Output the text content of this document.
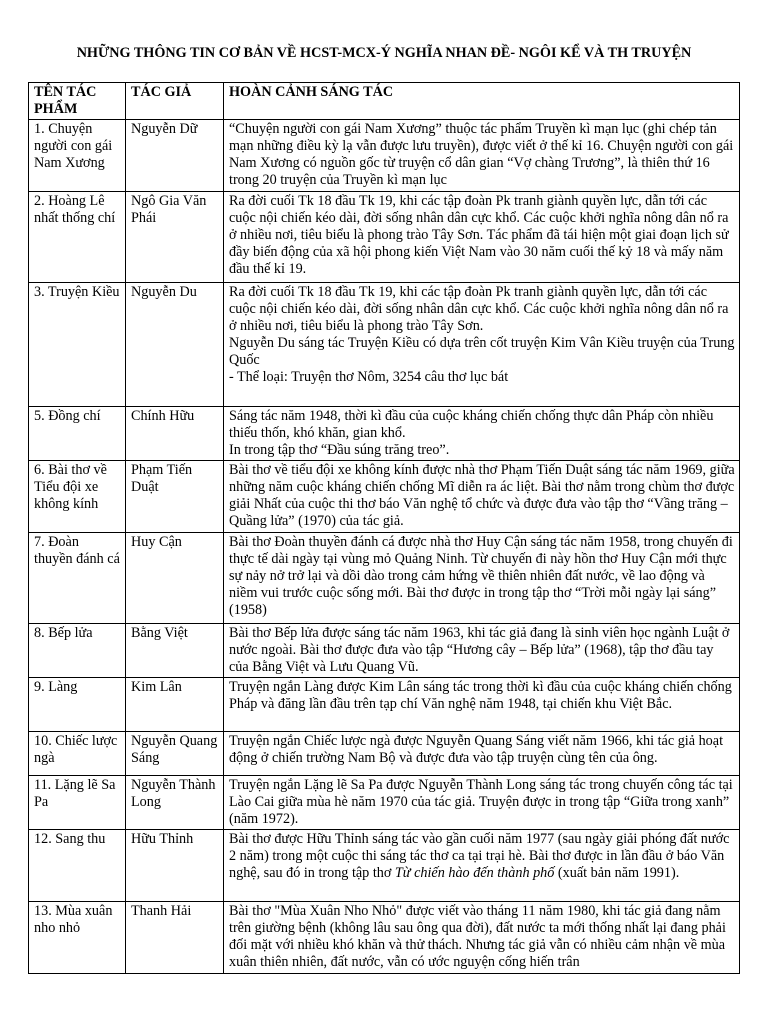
NHỮNG THÔNG TIN CƠ BẢN VỀ HCST-MCX-Ý NGHĨA NHAN ĐỀ- NGÔI KỂ VÀ TH TRUYỆN
TÊN TÁC PHẨM	TÁC GIẢ	HOÀN CẢNH SÁNG TÁC
1. Chuyện người con gái Nam Xương	Nguyễn Dữ	“Chuyện người con gái Nam Xương” thuộc tác phẩm Truyền kì mạn lục (ghi chép tản mạn những điều kỳ lạ vẫn được lưu truyền), được viết ở thế kỉ 16. Chuyện người con gái Nam Xương có nguồn gốc từ truyện cổ dân gian “Vợ chàng Trương”, là thiên thứ 16 trong 20 truyện của Truyền kì mạn lục

2. Hoàng Lê nhất thống chí	Ngô Gia Văn Phái	Ra đời cuối Tk 18 đầu Tk 19, khi các tập đoàn Pk tranh giành quyền lực, dẫn tới các cuộc nội chiến kéo dài, đời sống nhân dân cực khổ. Các cuộc khởi nghĩa nông dân nổ ra ở nhiều nơi, tiêu biểu là phong trào Tây Sơn. Tác phẩm đã tái hiện một giai đoạn lịch sử đầy biến động của xã hội phong kiến Việt Nam vào 30 năm cuối thế kỷ 18 và mấy năm đầu thế kỉ 19.

3. Truyện Kiều	Nguyễn Du	Ra đời cuối Tk 18 đầu Tk 19, khi các tập đoàn Pk tranh giành quyền lực, dẫn tới các cuộc nội chiến kéo dài, đời sống nhân dân cực khổ. Các cuộc khởi nghĩa nông dân nổ ra ở nhiều nơi, tiêu biểu là phong trào Tây Sơn.
Nguyễn Du sáng tác Truyện Kiều có dựa trên cốt truyện Kim Vân Kiều truyện của Trung Quốc
- Thể loại: Truyện thơ Nôm, 3254 câu thơ lục bát

5. Đồng chí	Chính Hữu	Sáng tác năm 1948, thời kì đầu của cuộc kháng chiến chống thực dân Pháp còn nhiều thiếu thốn, khó khăn, gian khổ.
In trong tập thơ “Đầu súng trăng treo”.

6. Bài thơ về Tiểu đội xe không kính	Phạm Tiến Duật	Bài thơ về tiểu đội xe không kính được nhà thơ Phạm Tiến Duật sáng tác năm 1969, giữa những năm cuộc kháng chiến chống Mĩ diễn ra ác liệt. Bài thơ nằm trong chùm thơ được giải Nhất của cuộc thi thơ báo Văn nghệ tổ chức và được đưa vào tập thơ “Vầng trăng – Quầng lửa” (1970) của tác giả.

7. Đoàn thuyền đánh cá	Huy Cận	Bài thơ Đoàn thuyền đánh cá được nhà thơ Huy Cận sáng tác năm 1958, trong chuyến đi thực tế dài ngày tại vùng mỏ Quảng Ninh. Từ chuyến đi này hồn thơ Huy Cận mới thực sự nảy nở trở lại và dồi dào trong cảm hứng về thiên nhiên đất nước, về lao động và niềm vui trước cuộc sống mới. Bài thơ được in trong tập thơ “Trời mỗi ngày lại sáng” (1958)

8. Bếp lửa	Bằng Việt	Bài thơ Bếp lửa được sáng tác năm 1963, khi tác giả đang là sinh viên học ngành Luật ở nước ngoài. Bài thơ được đưa vào tập “Hương cây – Bếp lửa” (1968), tập thơ đầu tay của Bằng Việt và Lưu Quang Vũ.

9. Làng	Kim Lân	Truyện ngắn Làng được Kim Lân sáng tác trong thời kì đầu của cuộc kháng chiến chống Pháp và đăng lần đầu trên tạp chí Văn nghệ năm 1948, tại chiến khu Việt Bắc.

10. Chiếc lược ngà	Nguyễn Quang Sáng	Truyện ngắn Chiếc lược ngà được Nguyễn Quang Sáng viết năm 1966, khi tác giả hoạt động ở chiến trường Nam Bộ và được đưa vào tập truyện cùng tên của ông.

11. Lặng lẽ Sa Pa	Nguyễn Thành Long	Truyện ngắn Lặng lẽ Sa Pa được Nguyễn Thành Long sáng tác trong chuyến công tác tại Lào Cai giữa mùa hè năm 1970 của tác giả. Truyện được in trong tập “Giữa trong xanh” (năm 1972).

12. Sang thu	Hữu Thỉnh	Bài thơ được Hữu Thỉnh sáng tác vào gần cuối năm 1977 (sau ngày giải phóng đất nước 2 năm) trong một cuộc thi sáng tác thơ ca tại trại hè. Bài thơ được in lần đầu ở báo Văn nghệ, sau đó in trong tập thơ Từ chiến hào đến thành phố (xuất bản năm 1991).
13. Mùa xuân nho nhỏ	Thanh Hải	Bài thơ "Mùa Xuân Nho Nhỏ" được viết vào tháng 11 năm 1980, khi tác giả đang nằm trên giường bệnh (không lâu sau ông qua đời), đất nước ta mới thống nhất lại đang phải đối mặt với nhiều khó khăn và thử thách. Nhưng tác giả vẫn có nhiều cảm nhận về mùa xuân thiên nhiên, đất nước, vẫn có ước nguyện cống hiến trân
